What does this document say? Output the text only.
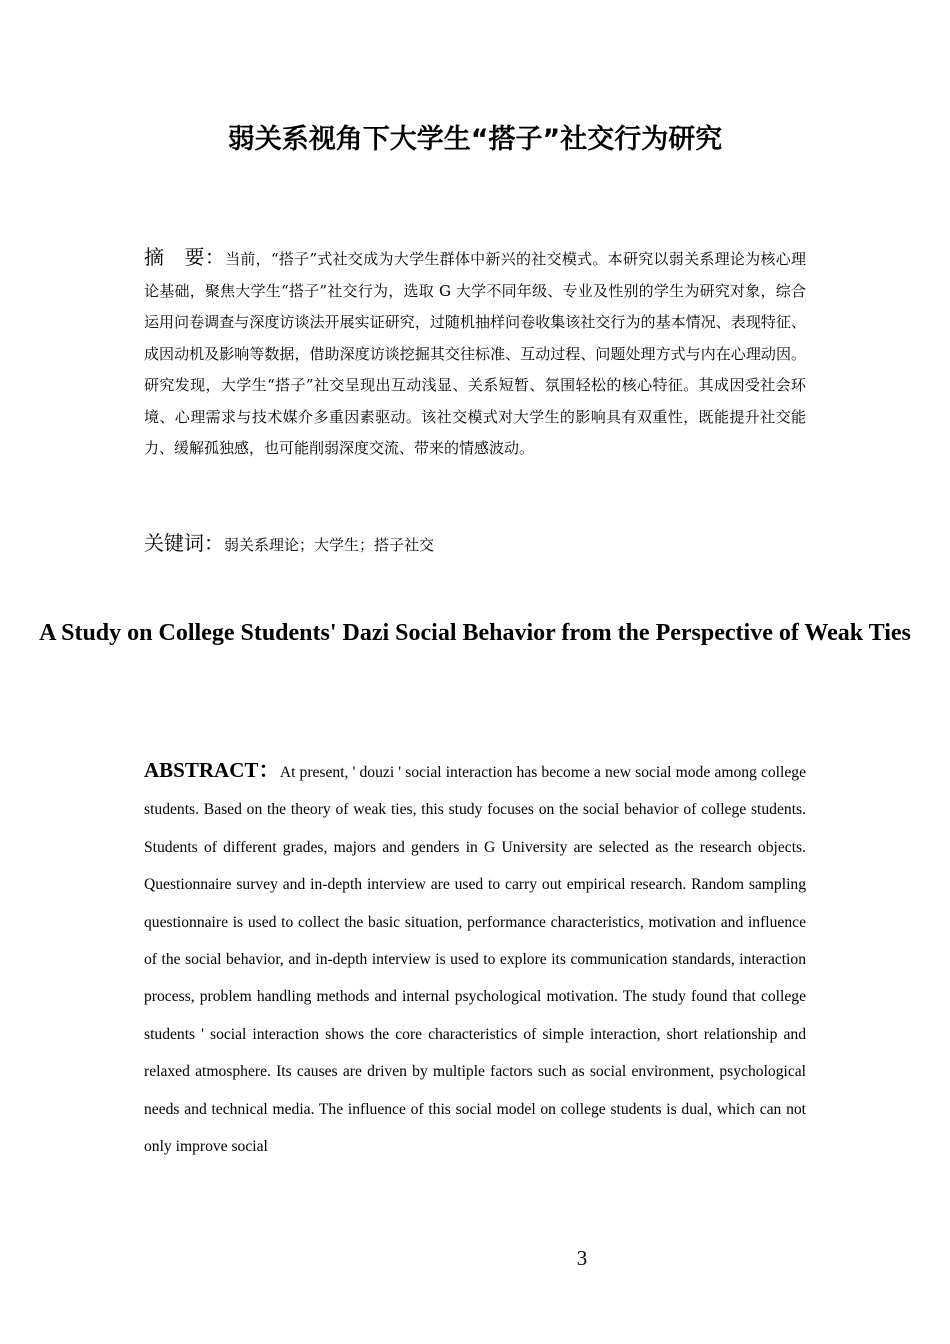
弱关系视角下大学生“搭子”社交行为研究

摘　要：当前，“搭子”式社交成为大学生群体中新兴的社交模式。本研究以弱关系理论为核心理论基础，聚焦大学生“搭子”社交行为，选取 G 大学不同年级、专业及性别的学生为研究对象，综合运用问卷调查与深度访谈法开展实证研究，过随机抽样问卷收集该社交行为的基本情况、表现特征、成因动机及影响等数据，借助深度访谈挖掘其交往标准、互动过程、问题处理方式与内在心理动因。研究发现，大学生“搭子”社交呈现出互动浅显、关系短暂、氛围轻松的核心特征。其成因受社会环境、心理需求与技术媒介多重因素驱动。该社交模式对大学生的影响具有双重性，既能提升社交能力、缓解孤独感，也可能削弱深度交流、带来的情感波动。

关键词：弱关系理论；大学生；搭子社交

A Study on College Students' Dazi Social Behavior from the Perspective of Weak Ties

ABSTRACT：At present, ' douzi ' social interaction has become a new social mode among college students. Based on the theory of weak ties, this study focuses on the social behavior of college students. Students of different grades, majors and genders in G University are selected as the research objects. Questionnaire survey and in-depth interview are used to carry out empirical research. Random sampling questionnaire is used to collect the basic situation, performance characteristics, motivation and influence of the social behavior, and in-depth interview is used to explore its communication standards, interaction process, problem handling methods and internal psychological motivation. The study found that college students ' social interaction shows the core characteristics of simple interaction, short relationship and relaxed atmosphere. Its causes are driven by multiple factors such as social environment, psychological needs and technical media. The influence of this social model on college students is dual, which can not only improve social

3
